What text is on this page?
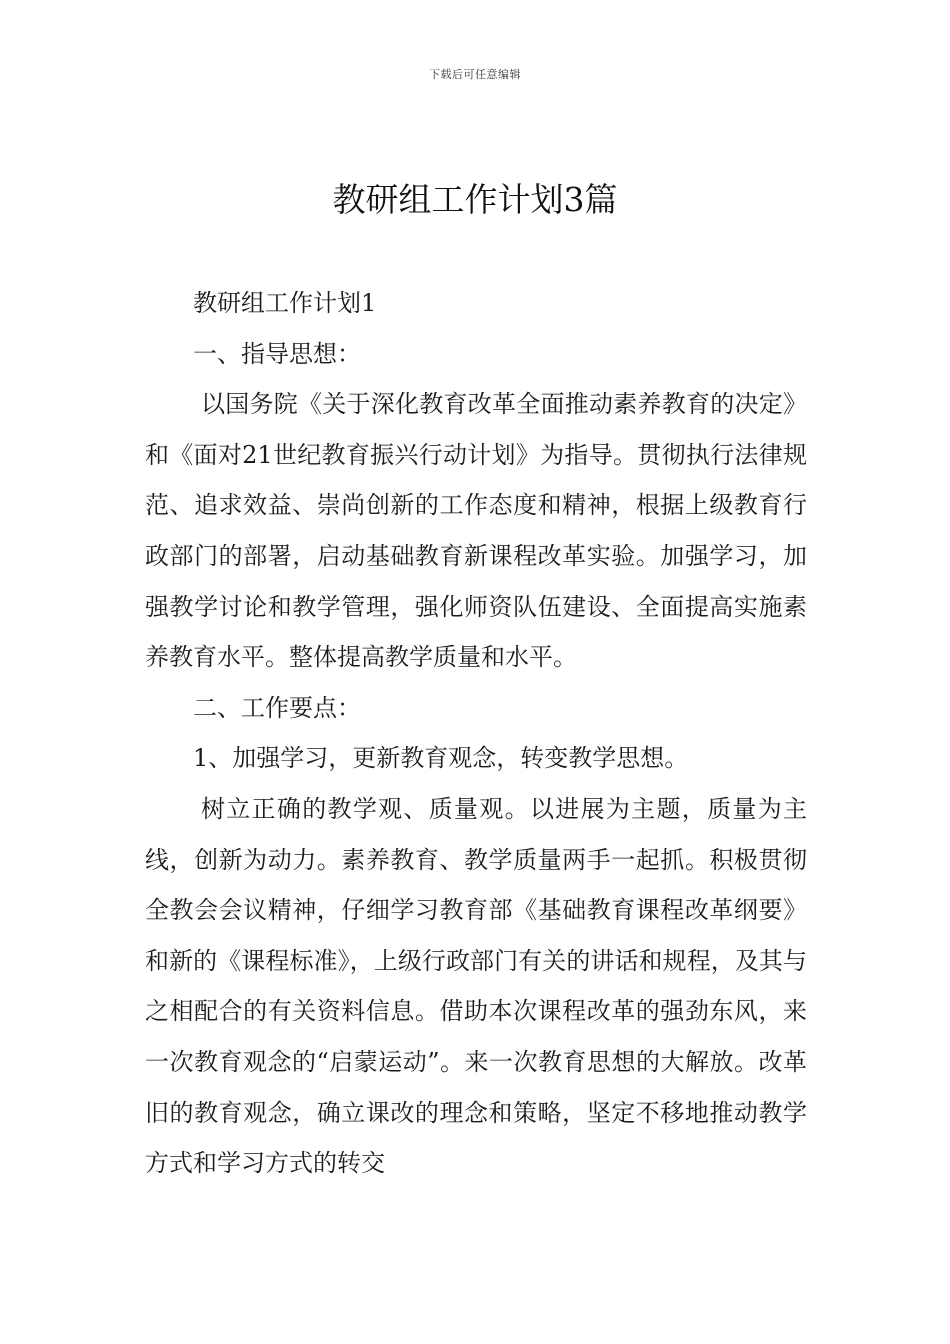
下载后可任意编辑
教研组工作计划3篇

教研组工作计划1

一、指导思想：

以国务院《关于深化教育改革全面推动素养教育的决定》和《面对21世纪教育振兴行动计划》为指导。贯彻执行法律规范、追求效益、崇尚创新的工作态度和精神，根据上级教育行政部门的部署，启动基础教育新课程改革实验。加强学习，加强教学讨论和教学管理，强化师资队伍建设、全面提高实施素养教育水平。整体提高教学质量和水平。

二、工作要点：

1、加强学习，更新教育观念，转变教学思想。

树立正确的教学观、质量观。以进展为主题，质量为主线，创新为动力。素养教育、教学质量两手一起抓。积极贯彻全教会会议精神，仔细学习教育部《基础教育课程改革纲要》和新的《课程标准》，上级行政部门有关的讲话和规程，及其与之相配合的有关资料信息。借助本次课程改革的强劲东风，来一次教育观念的“启蒙运动”。来一次教育思想的大解放。改革旧的教育观念，确立课改的理念和策略，坚定不移地推动教学方式和学习方式的转交
